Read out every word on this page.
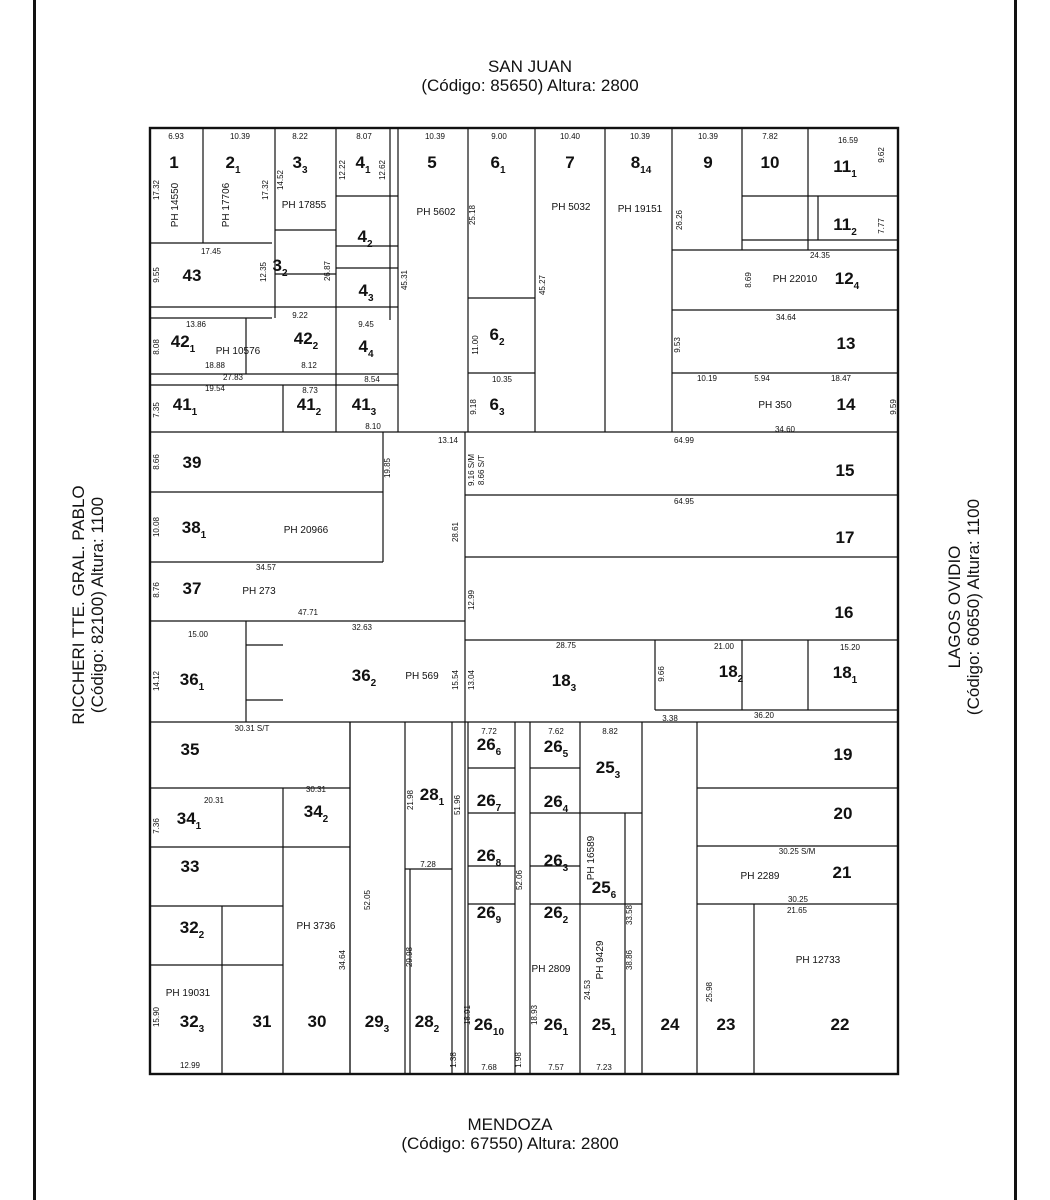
SAN JUAN
(Código: 85650) Altura: 2800
MENDOZA
(Código: 67550) Altura: 2800
RICCHERI TTE. GRAL. PABLO (Código: 82100) Altura: 1100	LAGOS OVIDIO (Código: 60650) Altura: 1100
1	$2_1$	$3_3$	$4_1$	5	$6_1$	7	$8_{14}$	9	10	$11_1$
$11_2$
$4_2$
43
$3_2$
$4_3$
$12_4$
$42_1$
$42_2$ $4_4$
$6_2$	13
$41_1$	$41_2$ $41_3$	$6_3$	14
39	15
$38_1$	17
37
16
$36_1$
$36_2$	$18_3$
$18_2$	$18_1$
35	$26_6$	$26_5$
$25_3$
19
$34_1$
$34_2$
$28_1$ $26_7$	$26_4$	20
33
$26_8$	$26_3$
$25_6$
21
$32_2$
$26_9$	$26_2$
$32_3$	31 30 $29_3$ $28_2$ $26_{10}$ $26_1$ $25_1$	24 23	22
PH 14550	PH 17706	PH 17855
PH 5602	PH 5032	PH 19151
PH 22010
PH 10576
PH 350
PH 20966
PH 273
PH 569
PH 16589	PH 2289
PH 3736
PH 2809 PH 9429	PH 12733
PH 19031
6.93	10.39	8.22	8.07	10.39	9.00	10.40	10.39	10.39	7.82	16.59
17.32	17.32 14.52	12.22	12.62
25.18	26.26
9.62
7.77
45.31	45.27
17.45
9.55	12.35	26.87
24.35
8.69
13.86
9.22
9.45
34.64
9.53
8.08
18.88	8.12
11.00
19.54
27.83	8.54	10.35	10.19	5.94	18.47
7.35
8.73
8.10
9.18
34.60
9.59
13.14	64.99
8.66	19.85
28.61
9.16 S/M 8.66 S/T
64.95
10.08
34.57
8.76
47.71
12.99
32.63
15.00
28.75	21.00	15.20
14.12	15.54 13.04	9.66
36.20
3.38
30.31 S/T
30.31
7.72	7.62	8.82
20.31	21.98	51.96
52.06
52.05
7.28
29.98
34.64
25.98
21.65
30.25 S/M
30.25
1.38	1.98
7.68	7.57	7.23
18.91	18.93
24.53
33.58
38.86
15.90
7.36
12.99
